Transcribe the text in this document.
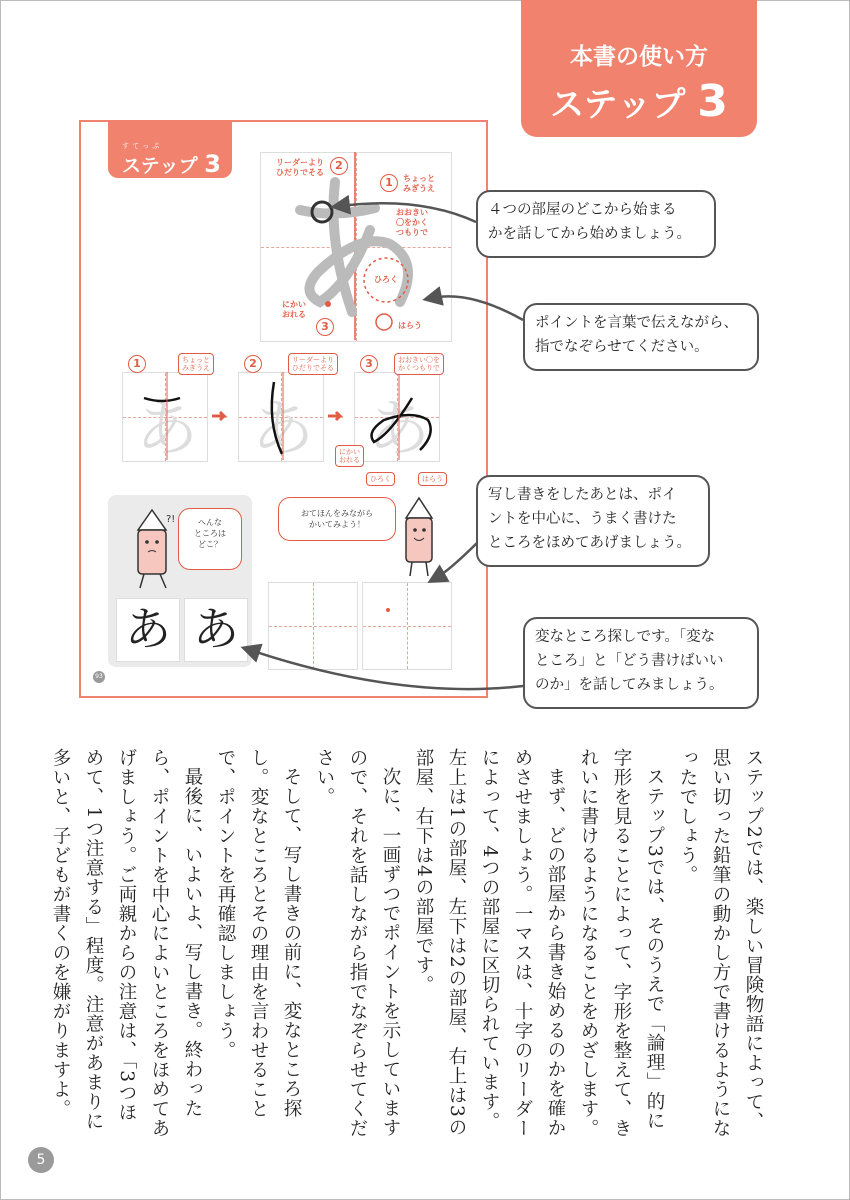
本書の使い方
ステップ 3
すてっぷ
ステップ 3	2
1
3
リーダーより
ひだりでそる
ちょっと
みぎうえ
おおきい
〇をかく
つもりで
ひろく
にかい
おれる
はらう
あ あ あ
1	2	3
ちょっと
みぎうえ
リーダーより
ひだりでそる
おおきい〇を
かくつもりで
にかい
おれる
ひろく	はらう
?!	へんな
ところは
どこ？
あ あ
おてほんをみながら
かいてみよう！
93
４つの部屋のどこから始まる
かを話してから始めましょう。
ポイントを言葉で伝えながら、
指でなぞらせてください。
写し書きをしたあとは、ポイ
ントを中心に、うまく書けた
ところをほめてあげましょう。
変なところ探しです。「変な
ところ」と「どう書けばいい
のか」を話してみましょう。

ステップ2では、楽しい冒険物語によって、思い切った鉛筆の動かし方で書けるようになったでしょう。

ステップ3では、そのうえで「論理」的に字形を見ることによって、字形を整えて、きれいに書けるようになることをめざします。

まず、どの部屋から書き始めるのかを確かめさせましょう。一マスは、十字のリーダーによって、4つの部屋に区切られています。左上は1の部屋、左下は2の部屋、右上は3の部屋、右下は4の部屋です。

次に、一画ずつでポイントを示していますので、それを話しながら指でなぞらせてください。

そして、写し書きの前に、変なところ探し。変なところとその理由を言わせることで、ポイントを再確認しましょう。

最後に、いよいよ、写し書き。終わったら、ポイントを中心によいところをほめてあげましょう。ご両親からの注意は、「3つほめて、1つ注意する」程度。注意があまりに多いと、子どもが書くのを嫌がりますよ。

5
